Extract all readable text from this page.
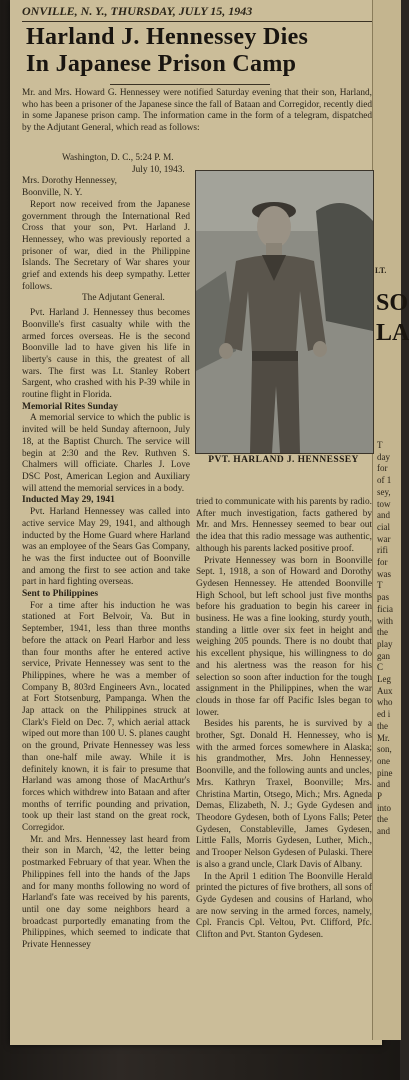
LT.
SO
LA
T
day
for
of 1
sey,
tow
and
cial
war
rifi
for
was
T
pas
ficia
with
the
play
gan
C
Leg
Aux
who
ed i
the
Mr.
son,
one
pine
and
P
into
the
and
ONVILLE, N. Y., THURSDAY, JULY 15, 1943
Harland J. Hennessey Dies
In Japanese Prison Camp
Mr. and Mrs. Howard G. Hennessey were notified Saturday evening that their son, Harland, who has been a prisoner of the Japanese since the fall of Bataan and Corregidor, recently died in some Japanese prison camp. The information came in the form of a telegram, dispatched by the Adjutant General, which read as follows:

Washington, D. C., 5:24 P. M.

July 10, 1943.

Mrs. Dorothy Hennessey,

Boonville, N. Y.

Report now received from the Japanese government through the International Red Cross that your son, Pvt. Harland J. Hennessey, who was previously reported a prisoner of war, died in the Philippine Islands. The Secretary of War shares your grief and extends his deep sympathy. Letter follows.

The Adjutant General.

Pvt. Harland J. Hennessey thus becomes Boonville's first casualty while with the armed forces overseas. He is the second Boonville lad to have given his life in liberty's cause in this, the greatest of all wars. The first was Lt. Stanley Robert Sargent, who crashed with his P-39 while in routine flight in Florida.

Memorial Rites Sunday

A memorial service to which the public is invited will be held Sunday afternoon, July 18, at the Baptist Church. The service will begin at 2:30 and the Rev. Ruthven S. Chalmers will officiate. Charles J. Love DSC Post, American Legion and Auxiliary will attend the memorial services in a body.

Inducted May 29, 1941

Pvt. Harland Hennessey was called into active service May 29, 1941, and although inducted by the Home Guard where Harland was an employee of the Sears Gas Company, he was the first inductee out of Boonville and among the first to see action and take part in hard fighting overseas.

Sent to Philippines

For a time after his induction he was stationed at Fort Belvoir, Va. But in September, 1941, less than three months before the attack on Pearl Harbor and less than four months after he entered active service, Private Hennessey was sent to the Philippines, where he was a member of Company B, 803rd Engineers Avn., located at Fort Stotsenburg, Pampanga. When the Jap attack on the Philippines struck at Clark's Field on Dec. 7, which aerial attack wiped out more than 100 U. S. planes caught on the ground, Private Hennessey was less than one-half mile away. While it is definitely known, it is fair to presume that Harland was among those of MacArthur's forces which withdrew into Bataan and after months of terrific pounding and privation, took up their last stand on the great rock, Corregidor.

Mr. and Mrs. Hennessey last heard from their son in March, '42, the letter being postmarked February of that year. When the Philippines fell into the hands of the Japs and for many months following no word of Harland's fate was received by his parents, until one day some neighbors heard a broadcast purportedly emanating from the Philippines, which seemed to indicate that Private Hennessey

PVT. HARLAND J. HENNESSEY

tried to communicate with his parents by radio. After much investigation, facts gathered by Mr. and Mrs. Hennessey seemed to bear out the idea that this radio message was authentic, although his parents lacked positive proof.

Private Hennessey was born in Boonville Sept. 1, 1918, a son of Howard and Dorothy Gydesen Hennessey. He attended Boonville High School, but left school just five months before his graduation to begin his career in business. He was a fine looking, sturdy youth, standing a little over six feet in height and weighing 205 pounds. There is no doubt that his excellent physique, his willingness to do and his alertness was the reason for his selection so soon after induction for the tough assignment in the Philippines, when the war clouds in those far off Pacific Isles began to lower.

Besides his parents, he is survived by a brother, Sgt. Donald H. Hennessey, who is with the armed forces somewhere in Alaska; his grandmother, Mrs. John Hennessey, Boonville, and the following aunts and uncles, Mrs. Kathryn Traxel, Boonville; Mrs. Christina Martin, Otsego, Mich.; Mrs. Agneda Demas, Elizabeth, N. J.; Gyde Gydesen and Theodore Gydesen, both of Lyons Falls; Peter Gydesen, Constableville, James Gydesen, Little Falls, Morris Gydesen, Luther, Mich., and Trooper Nelson Gydesen of Pulaski. There is also a grand uncle, Clark Davis of Albany.

In the April 1 edition The Boonville Herald printed the pictures of five brothers, all sons of Gyde Gydesen and cousins of Harland, who are now serving in the armed forces, namely, Cpl. Francis Cpl. Veltou, Pvt. Clifford, Pfc. Clifton and Pvt. Stanton Gydesen.
